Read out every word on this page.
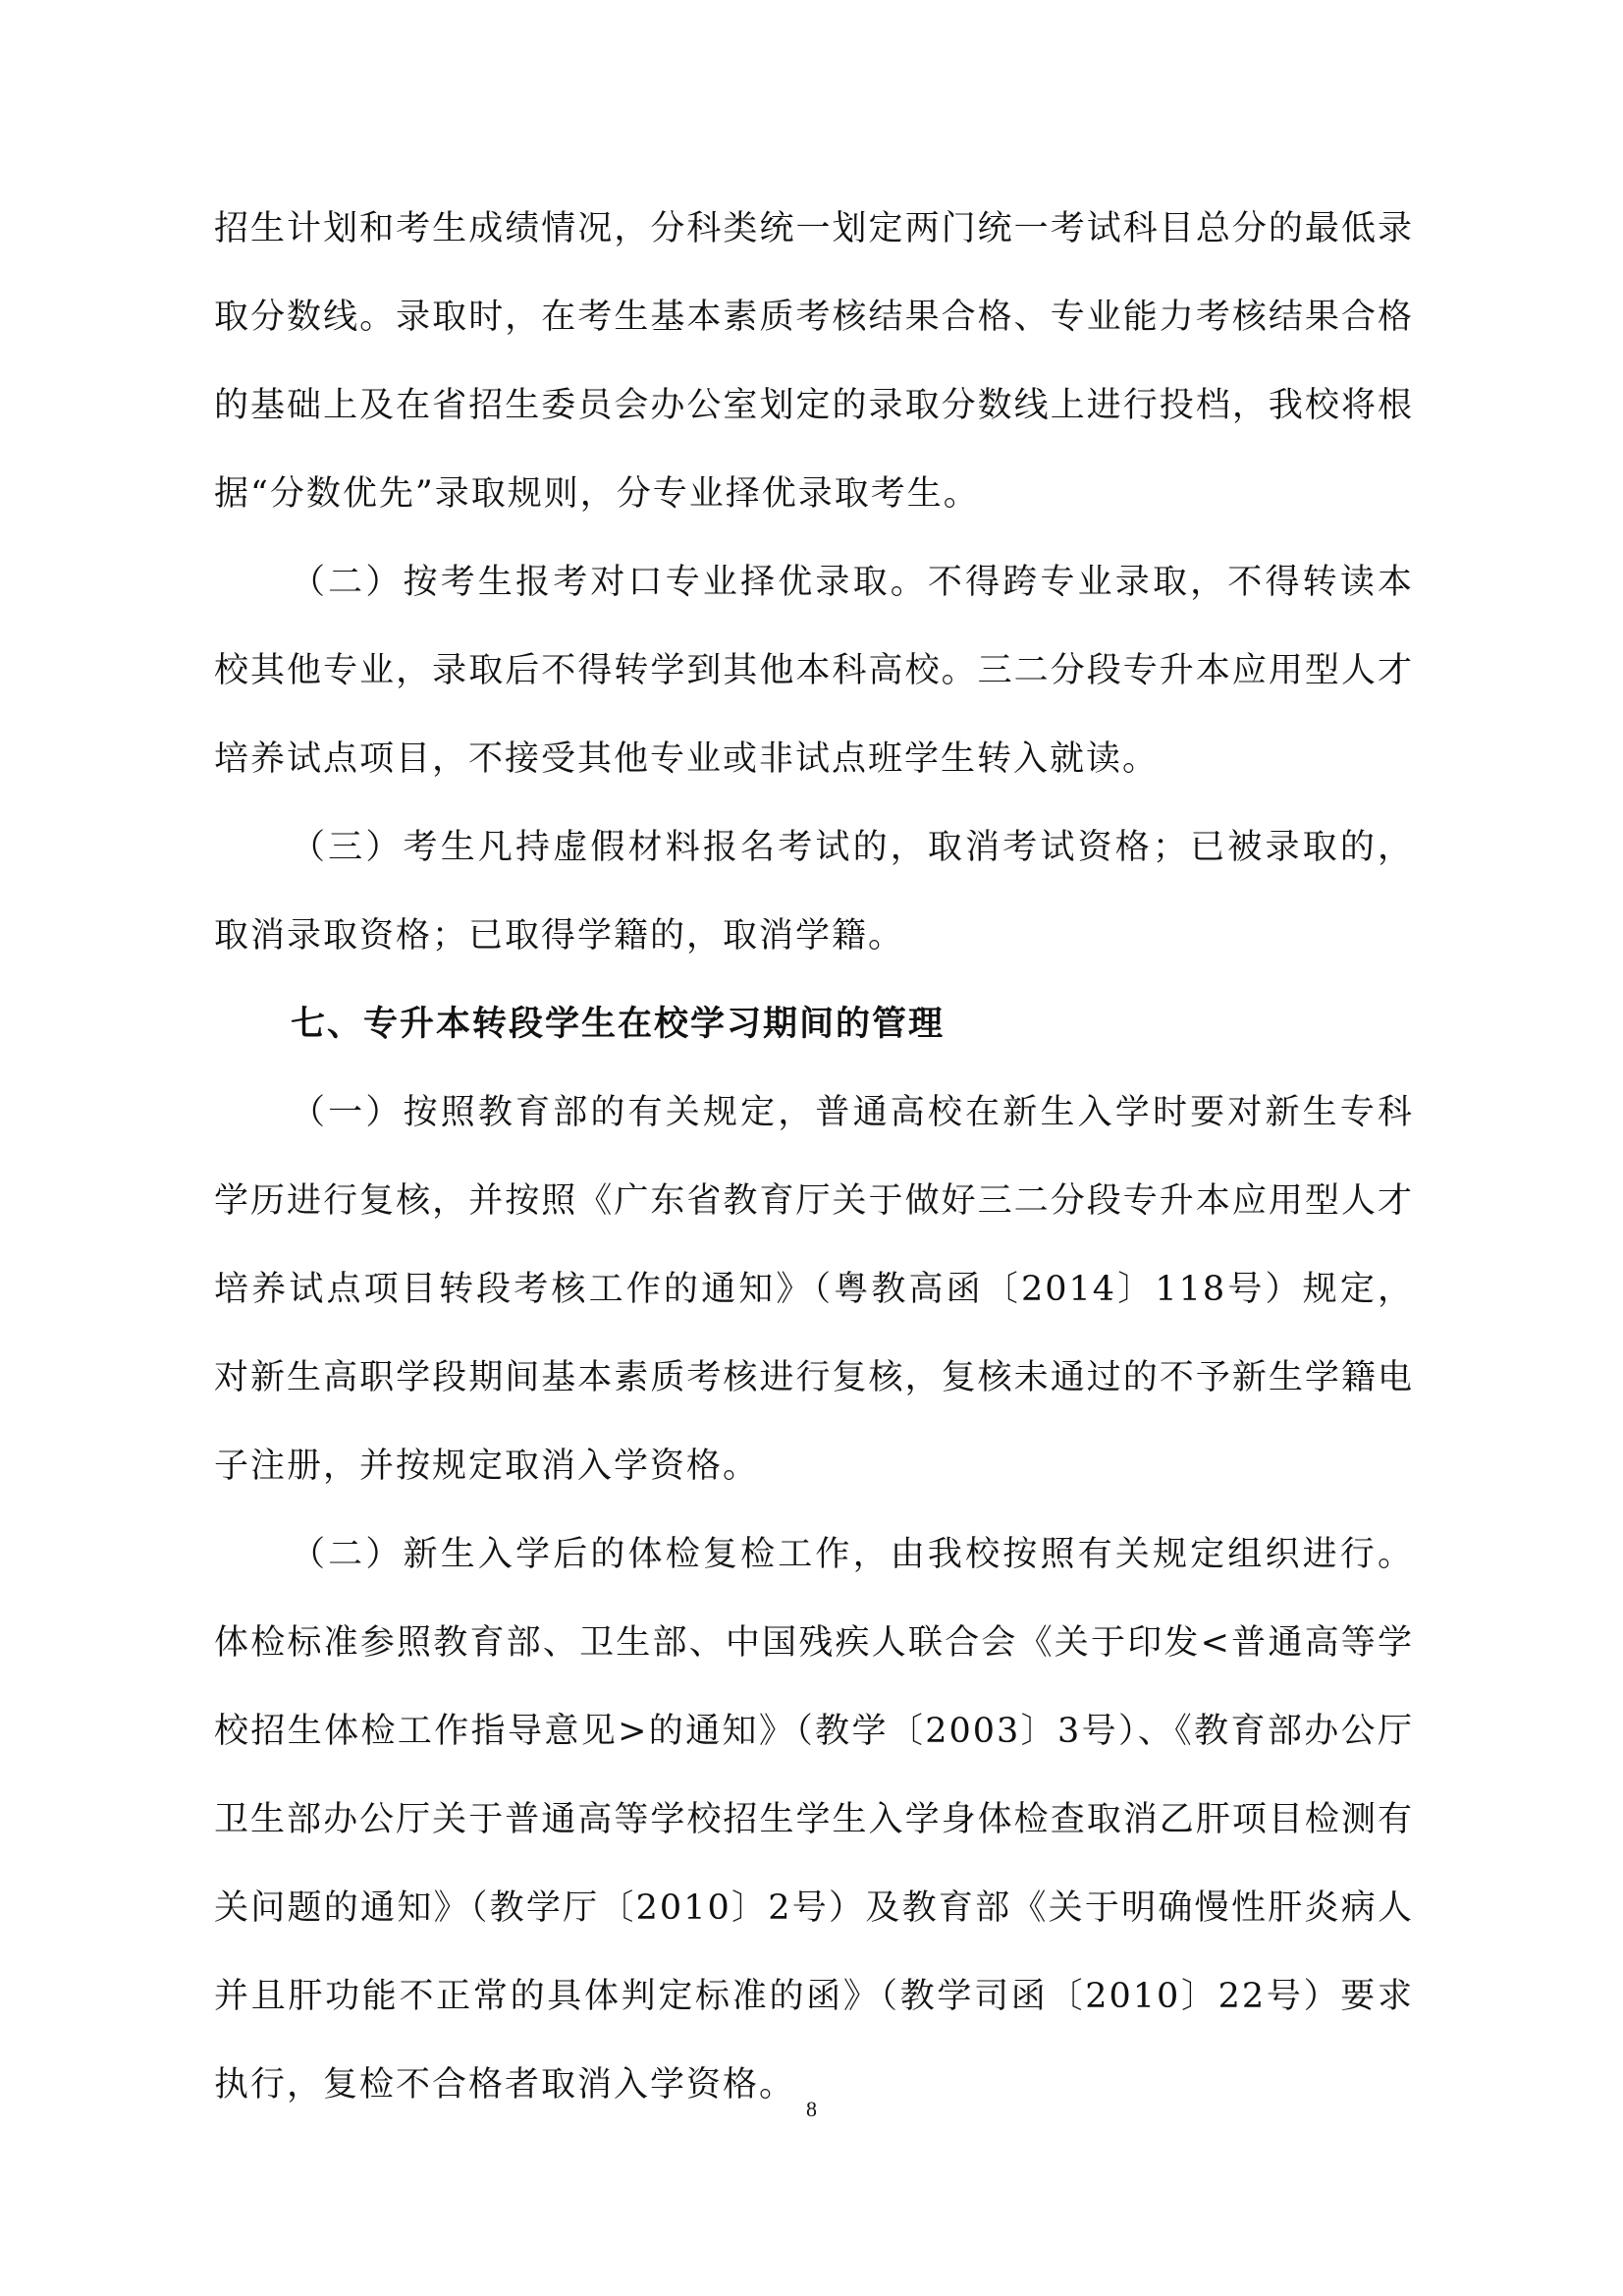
招生计划和考生成绩情况，分科类统一划定两门统一考试科目总分的最低录取分数线。录取时，在考生基本素质考核结果合格、专业能力考核结果合格的基础上及在省招生委员会办公室划定的录取分数线上进行投档，我校将根据“分数优先”录取规则，分专业择优录取考生。

（二）按考生报考对口专业择优录取。不得跨专业录取，不得转读本校其他专业，录取后不得转学到其他本科高校。三二分段专升本应用型人才培养试点项目，不接受其他专业或非试点班学生转入就读。

（三）考生凡持虚假材料报名考试的，取消考试资格；已被录取的，取消录取资格；已取得学籍的，取消学籍。

七、专升本转段学生在校学习期间的管理

（一）按照教育部的有关规定，普通高校在新生入学时要对新生专科学历进行复核，并按照《广东省教育厅关于做好三二分段专升本应用型人才培养试点项目转段考核工作的通知》（粤教高函〔2014〕118号）规定，对新生高职学段期间基本素质考核进行复核，复核未通过的不予新生学籍电子注册，并按规定取消入学资格。

（二）新生入学后的体检复检工作，由我校按照有关规定组织进行。体检标准参照教育部、卫生部、中国残疾人联合会《关于印发<普通高等学校招生体检工作指导意见>的通知》（教学〔2003〕3号）、《教育部办公厅 卫生部办公厅关于普通高等学校招生学生入学身体检查取消乙肝项目检测有关问题的通知》（教学厅〔2010〕2号）及教育部《关于明确慢性肝炎病人并且肝功能不正常的具体判定标准的函》（教学司函〔2010〕22号）要求执行，复检不合格者取消入学资格。

8
